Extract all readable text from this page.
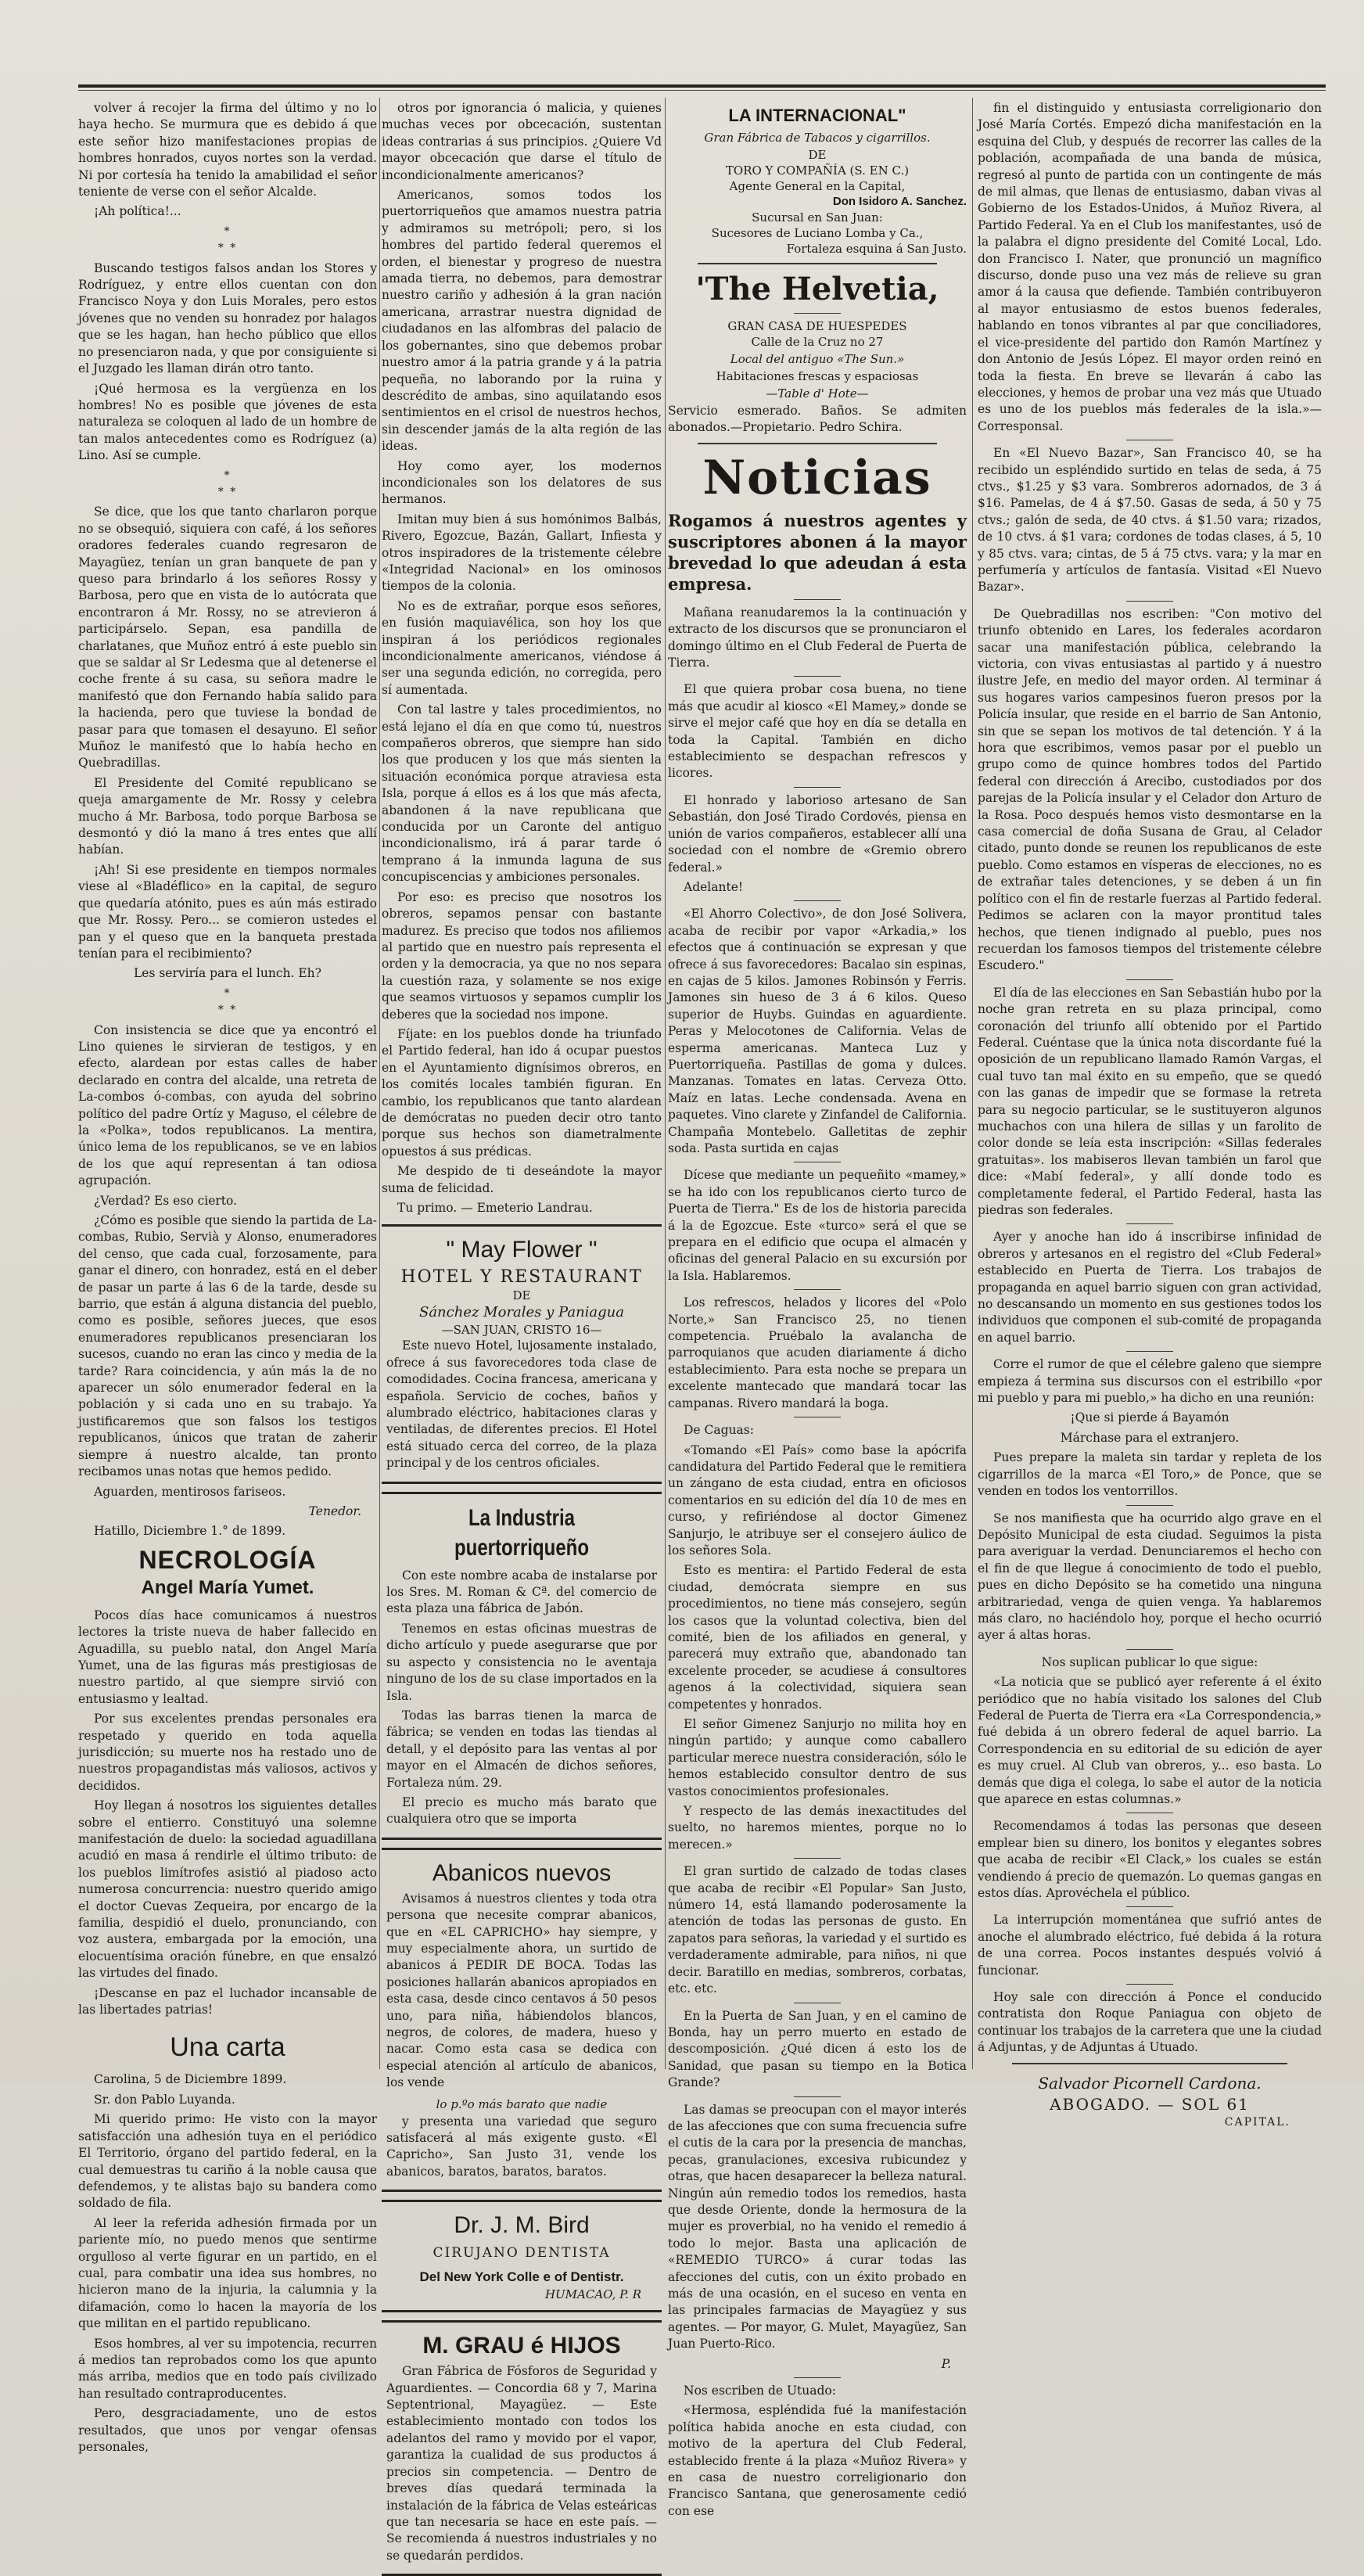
volver á recojer la firma del último y no lo haya hecho. Se murmura que es debido á que este señor hizo manifestaciones propias de hombres honrados, cuyos nortes son la verdad. Ni por cortesía ha tenido la amabilidad el señor teniente de verse con el señor Alcalde.

¡Ah política!...

*
* *

Buscando testigos falsos andan los Stores y Rodríguez, y entre ellos cuentan con don Francisco Noya y don Luis Morales, pero estos jóvenes que no venden su honradez por halagos que se les hagan, han hecho público que ellos no presenciaron nada, y que por consiguiente si el Juzgado les llaman dirán otro tanto.

¡Qué hermosa es la vergüenza en los hombres! No es posible que jóvenes de esta naturaleza se coloquen al lado de un hombre de tan malos antecedentes como es Rodríguez (a) Lino. Así se cumple.

*
* *

Se dice, que los que tanto charlaron porque no se obsequió, siquiera con café, á los señores oradores federales cuando regresaron de Mayagüez, tenían un gran banquete de pan y queso para brindarlo á los señores Rossy y Barbosa, pero que en vista de lo autócrata que encontraron á Mr. Rossy, no se atrevieron á participárselo. Sepan, esa pandilla de charlatanes, que Muñoz entró á este pueblo sin que se saldar al Sr Ledesma que al detenerse el coche frente á su casa, su señora madre le manifestó que don Fernando había salido para la hacienda, pero que tuviese la bondad de pasar para que tomasen el desayuno. El señor Muñoz le manifestó que lo había hecho en Quebradillas.

El Presidente del Comité republicano se queja amargamente de Mr. Rossy y celebra mucho á Mr. Barbosa, todo porque Barbosa se desmontó y dió la mano á tres entes que allí habían.

¡Ah! Si ese presidente en tiempos normales viese al «Bladéflico» en la capital, de seguro que quedaría atónito, pues es aún más estirado que Mr. Rossy. Pero... se comieron ustedes el pan y el queso que en la banqueta prestada tenían para el recibimiento?

Les serviría para el lunch. Eh?

*
* *

Con insistencia se dice que ya encontró el Lino quienes le sirvieran de testigos, y en efecto, alardean por estas calles de haber declarado en contra del alcalde, una retreta de La-combos ó-combas, con ayuda del sobrino político del padre Ortíz y Maguso, el célebre de la «Polka», todos republicanos. La mentira, único lema de los republicanos, se ve en labios de los que aquí representan á tan odiosa agrupación.

¿Verdad? Es eso cierto.

¿Cómo es posible que siendo la partida de La-combas, Rubio, Servià y Alonso, enumeradores del censo, que cada cual, forzosamente, para ganar el dinero, con honradez, está en el deber de pasar un parte á las 6 de la tarde, desde su barrio, que están á alguna distancia del pueblo, como es posible, señores jueces, que esos enumeradores republicanos presenciaran los sucesos, cuando no eran las cinco y media de la tarde? Rara coincidencia, y aún más la de no aparecer un sólo enumerador federal en la población y si cada uno en su trabajo. Ya justificaremos que son falsos los testigos republicanos, únicos que tratan de zaherir siempre á nuestro alcalde, tan pronto recibamos unas notas que hemos pedido.

Aguarden, mentirosos fariseos.

Tenedor.

Hatillo, Diciembre 1.° de 1899.

NECROLOGÍA
Angel María Yumet.

Pocos días hace comunicamos á nuestros lectores la triste nueva de haber fallecido en Aguadilla, su pueblo natal, don Angel María Yumet, una de las figuras más prestigiosas de nuestro partido, al que siempre sirvió con entusiasmo y lealtad.

Por sus excelentes prendas personales era respetado y querido en toda aquella jurisdicción; su muerte nos ha restado uno de nuestros propagandistas más valiosos, activos y decididos.

Hoy llegan á nosotros los siguientes detalles sobre el entierro. Constituyó una solemne manifestación de duelo: la sociedad aguadillana acudió en masa á rendirle el último tributo: de los pueblos limítrofes asistió al piadoso acto numerosa concurrencia: nuestro querido amigo el doctor Cuevas Zequeira, por encargo de la familia, despidió el duelo, pronunciando, con voz austera, embargada por la emoción, una elocuentísima oración fúnebre, en que ensalzó las virtudes del finado.

¡Descanse en paz el luchador incansable de las libertades patrias!

Una carta

Carolina, 5 de Diciembre 1899.

Sr. don Pablo Luyanda.

Mi querido primo: He visto con la mayor satisfacción una adhesión tuya en el periódico El Territorio, órgano del partido federal, en la cual demuestras tu cariño á la noble causa que defendemos, y te alistas bajo su bandera como soldado de fila.

Al leer la referida adhesión firmada por un pariente mío, no puedo menos que sentirme orgulloso al verte figurar en un partido, en el cual, para combatir una idea sus hombres, no hicieron mano de la injuria, la calumnia y la difamación, como lo hacen la mayoría de los que militan en el partido republicano.

Esos hombres, al ver su impotencia, recurren á medios tan reprobados como los que apunto más arriba, medios que en todo país civilizado han resultado contraproducentes.

Pero, desgraciadamente, uno de estos resultados, que unos por vengar ofensas personales,

otros por ignorancia ó malicia, y quienes muchas veces por obcecación, sustentan ideas contrarias á sus principios. ¿Quiere Vd mayor obcecación que darse el título de incondicionalmente americanos?

Americanos, somos todos los puertorriqueños que amamos nuestra patria y admiramos su metrópoli; pero, si los hombres del partido federal queremos el orden, el bienestar y progreso de nuestra amada tierra, no debemos, para demostrar nuestro cariño y adhesión á la gran nación americana, arrastrar nuestra dignidad de ciudadanos en las alfombras del palacio de los gobernantes, sino que debemos probar nuestro amor á la patria grande y á la patria pequeña, no laborando por la ruina y descrédito de ambas, sino aquilatando esos sentimientos en el crisol de nuestros hechos, sin descender jamás de la alta región de las ideas.

Hoy como ayer, los modernos incondicionales son los delatores de sus hermanos.

Imitan muy bien á sus homónimos Balbás, Rivero, Egozcue, Bazán, Gallart, Infiesta y otros inspiradores de la tristemente célebre «Integridad Nacional» en los ominosos tiempos de la colonia.

No es de extrañar, porque esos señores, en fusión maquiavélica, son hoy los que inspiran á los periódicos regionales incondicionalmente americanos, viéndose á ser una segunda edición, no corregida, pero sí aumentada.

Con tal lastre y tales procedimientos, no está lejano el día en que como tú, nuestros compañeros obreros, que siempre han sido los que producen y los que más sienten la situación económica porque atraviesa esta Isla, porque á ellos es á los que más afecta, abandonen á la nave republicana que conducida por un Caronte del antiguo incondicionalismo, irá á parar tarde ó temprano á la inmunda laguna de sus concupiscencias y ambiciones personales.

Por eso: es preciso que nosotros los obreros, sepamos pensar con bastante madurez. Es preciso que todos nos afiliemos al partido que en nuestro país representa el orden y la democracia, ya que no nos separa la cuestión raza, y solamente se nos exige que seamos virtuosos y sepamos cumplir los deberes que la sociedad nos impone.

Fíjate: en los pueblos donde ha triunfado el Partido federal, han ido á ocupar puestos en el Ayuntamiento dignísimos obreros, en los comités locales también figuran. En cambio, los republicanos que tanto alardean de demócratas no pueden decir otro tanto porque sus hechos son diametralmente opuestos á sus prédicas.

Me despido de ti deseándote la mayor suma de felicidad.

Tu primo. — Emeterio Landrau.

" May Flower "
HOTEL Y RESTAURANT
DE
Sánchez Morales y Paniagua
—SAN JUAN, CRISTO 16—

Este nuevo Hotel, lujosamente instalado, ofrece á sus favorecedores toda clase de comodidades. Cocina francesa, americana y española. Servicio de coches, baños y alumbrado eléctrico, habitaciones claras y ventiladas, de diferentes precios. El Hotel está situado cerca del correo, de la plaza principal y de los centros oficiales.

La Industria puertorriqueño

Con este nombre acaba de instalarse por los Sres. M. Roman & Cª. del comercio de esta plaza una fábrica de Jabón.

Tenemos en estas oficinas muestras de dicho artículo y puede asegurarse que por su aspecto y consistencia no le aventaja ninguno de los de su clase importados en la Isla.

Todas las barras tienen la marca de fábrica; se venden en todas las tiendas al detall, y el depósito para las ventas al por mayor en el Almacén de dichos señores, Fortaleza núm. 29.

El precio es mucho más barato que cualquiera otro que se importa

Abanicos nuevos

Avisamos á nuestros clientes y toda otra persona que necesite comprar abanicos, que en «EL CAPRICHO» hay siempre, y muy especialmente ahora, un surtido de abanicos á PEDIR DE BOCA. Todas las posiciones hallarán abanicos apropiados en esta casa, desde cinco centavos á 50 pesos uno, para niña, hábiendolos blancos, negros, de colores, de madera, hueso y nacar. Como esta casa se dedica con especial atención al artículo de abanicos, los vende

lo p.ºo más barato que nadie

y presenta una variedad que seguro satisfacerá al más exigente gusto. «El Capricho», San Justo 31, vende los abanicos, baratos, baratos, baratos.

Dr. J. M. Bird
CIRUJANO DENTISTA
Del New York Colle e of Dentistr.
HUMACAO, P. R
M. GRAU é HIJOS

Gran Fábrica de Fósforos de Seguridad y Aguardientes. — Concordia 68 y 7, Marina Septentrional, Mayagüez. — Este establecimiento montado con todos los adelantos del ramo y movido por el vapor, garantiza la cualidad de sus productos á precios sin competencia. — Dentro de breves días quedará terminada la instalación de la fábrica de Velas esteáricas que tan necesaria se hace en este país. — Se recomienda á nuestros industriales y no se quedarán perdidos.

LA INTERNACIONAL"
Gran Fábrica de Tabacos y cigarrillos.
DE
TORO Y COMPAÑÍA (S. EN C.)
Agente General en la Capital,
Don Isidoro A. Sanchez.
Sucursal en San Juan:
Sucesores de Luciano Lomba y Ca.,
Fortaleza esquina á San Justo.
'The Helvetia,
GRAN CASA DE HUESPEDES
Calle de la Cruz no 27
Local del antiguo «The Sun.»
Habitaciones frescas y espaciosas
—Table d' Hote—

Servicio esmerado. Baños. Se admiten abonados.—Propietario. Pedro Schira.

Noticias
Rogamos á nuestros agentes y suscriptores abonen á la mayor brevedad lo que adeudan á esta empresa.

Mañana reanudaremos la la continuación y extracto de los discursos que se pronunciaron el domingo último en el Club Federal de Puerta de Tierra.

El que quiera probar cosa buena, no tiene más que acudir al kiosco «El Mamey,» donde se sirve el mejor café que hoy en día se detalla en toda la Capital. También en dicho establecimiento se despachan refrescos y licores.

El honrado y laborioso artesano de San Sebastián, don José Tirado Cordovés, piensa en unión de varios compañeros, establecer allí una sociedad con el nombre de «Gremio obrero federal.»

Adelante!

«El Ahorro Colectivo», de don José Solivera, acaba de recibir por vapor «Arkadia,» los efectos que á continuación se expresan y que ofrece á sus favorecedores: Bacalao sin espinas, en cajas de 5 kilos. Jamones Robinsón y Ferris. Jamones sin hueso de 3 á 6 kilos. Queso superior de Huybs. Guindas en aguardiente. Peras y Melocotones de California. Velas de esperma americanas. Manteca Luz y Puertorriqueña. Pastillas de goma y dulces. Manzanas. Tomates en latas. Cerveza Otto. Maíz en latas. Leche condensada. Avena en paquetes. Vino clarete y Zinfandel de California. Champaña Montebelo. Galletitas de zephir soda. Pasta surtida en cajas

Dícese que mediante un pequeñito «mamey,» se ha ido con los republicanos cierto turco de Puerta de Tierra." Es de los de historia parecida á la de Egozcue. Este «turco» será el que se prepara en el edificio que ocupa el almacén y oficinas del general Palacio en su excursión por la Isla. Hablaremos.

Los refrescos, helados y licores del «Polo Norte,» San Francisco 25, no tienen competencia. Pruébalo la avalancha de parroquianos que acuden diariamente á dicho establecimiento. Para esta noche se prepara un excelente mantecado que mandará tocar las campanas. Rivero mandará la boga.

De Caguas:

«Tomando «El País» como base la apócrifa candidatura del Partido Federal que le remitiera un zángano de esta ciudad, entra en oficiosos comentarios en su edición del día 10 de mes en curso, y refiriéndose al doctor Gimenez Sanjurjo, le atribuye ser el consejero áulico de los señores Sola.

Esto es mentira: el Partido Federal de esta ciudad, demócrata siempre en sus procedimientos, no tiene más consejero, según los casos que la voluntad colectiva, bien del comité, bien de los afiliados en general, y parecerá muy extraño que, abandonado tan excelente proceder, se acudiese á consultores agenos á la colectividad, siquiera sean competentes y honrados.

El señor Gimenez Sanjurjo no milita hoy en ningún partido; y aunque como caballero particular merece nuestra consideración, sólo le hemos establecido consultor dentro de sus vastos conocimientos profesionales.

Y respecto de las demás inexactitudes del suelto, no haremos mientes, porque no lo merecen.»

El gran surtido de calzado de todas clases que acaba de recibir «El Popular» San Justo, número 14, está llamando poderosamente la atención de todas las personas de gusto. En zapatos para señoras, la variedad y el surtido es verdaderamente admirable, para niños, ni que decir. Baratillo en medias, sombreros, corbatas, etc. etc.

En la Puerta de San Juan, y en el camino de Bonda, hay un perro muerto en estado de descomposición. ¿Qué dicen á esto los de Sanidad, que pasan su tiempo en la Botica Grande?

Las damas se preocupan con el mayor interés de las afecciones que con suma frecuencia sufre el cutis de la cara por la presencia de manchas, pecas, granulaciones, excesiva rubicundez y otras, que hacen desaparecer la belleza natural. Ningún aún remedio todos los remedios, hasta que desde Oriente, donde la hermosura de la mujer es proverbial, no ha venido el remedio á todo lo mejor. Basta una aplicación de «REMEDIO TURCO» á curar todas las afecciones del cutis, con un éxito probado en más de una ocasión, en el suceso en venta en las principales farmacias de Mayagüez y sus agentes. — Por mayor, G. Mulet, Mayagüez, San Juan Puerto-Rico.

P.

Nos escriben de Utuado:

«Hermosa, espléndida fué la manifestación política habida anoche en esta ciudad, con motivo de la apertura del Club Federal, establecido frente á la plaza «Muñoz Rivera» y en casa de nuestro correligionario don Francisco Santana, que generosamente cedió con ese

fin el distinguido y entusiasta correligionario don José María Cortés. Empezó dicha manifestación en la esquina del Club, y después de recorrer las calles de la población, acompañada de una banda de música, regresó al punto de partida con un contingente de más de mil almas, que llenas de entusiasmo, daban vivas al Gobierno de los Estados-Unidos, á Muñoz Rivera, al Partido Federal. Ya en el Club los manifestantes, usó de la palabra el digno presidente del Comité Local, Ldo. don Francisco I. Nater, que pronunció un magnífico discurso, donde puso una vez más de relieve su gran amor á la causa que defiende. También contribuyeron al mayor entusiasmo de estos buenos federales, hablando en tonos vibrantes al par que conciliadores, el vice-presidente del partido don Ramón Martínez y don Antonio de Jesús López. El mayor orden reinó en toda la fiesta. En breve se llevarán á cabo las elecciones, y hemos de probar una vez más que Utuado es uno de los pueblos más federales de la isla.»—Corresponsal.

En «El Nuevo Bazar», San Francisco 40, se ha recibido un espléndido surtido en telas de seda, á 75 ctvs., $1.25 y $3 vara. Sombreros adornados, de 3 á $16. Pamelas, de 4 á $7.50. Gasas de seda, á 50 y 75 ctvs.; galón de seda, de 40 ctvs. á $1.50 vara; rizados, de 10 ctvs. á $1 vara; cordones de todas clases, á 5, 10 y 85 ctvs. vara; cintas, de 5 á 75 ctvs. vara; y la mar en perfumería y artículos de fantasía. Visitad «El Nuevo Bazar».

De Quebradillas nos escriben: "Con motivo del triunfo obtenido en Lares, los federales acordaron sacar una manifestación pública, celebrando la victoria, con vivas entusiastas al partido y á nuestro ilustre Jefe, en medio del mayor orden. Al terminar á sus hogares varios campesinos fueron presos por la Policía insular, que reside en el barrio de San Antonio, sin que se sepan los motivos de tal detención. Y á la hora que escribimos, vemos pasar por el pueblo un grupo como de quince hombres todos del Partido federal con dirección á Arecibo, custodiados por dos parejas de la Policía insular y el Celador don Arturo de la Rosa. Poco después hemos visto desmontarse en la casa comercial de doña Susana de Grau, al Celador citado, punto donde se reunen los republicanos de este pueblo. Como estamos en vísperas de elecciones, no es de extrañar tales detenciones, y se deben á un fin político con el fin de restarle fuerzas al Partido federal. Pedimos se aclaren con la mayor prontitud tales hechos, que tienen indignado al pueblo, pues nos recuerdan los famosos tiempos del tristemente célebre Escudero."

El día de las elecciones en San Sebastián hubo por la noche gran retreta en su plaza principal, como coronación del triunfo allí obtenido por el Partido Federal. Cuéntase que la única nota discordante fué la oposición de un republicano llamado Ramón Vargas, el cual tuvo tan mal éxito en su empeño, que se quedó con las ganas de impedir que se formase la retreta para su negocio particular, se le sustituyeron algunos muchachos con una hilera de sillas y un farolito de color donde se leía esta inscripción: «Sillas federales gratuitas». los mabiseros llevan también un farol que dice: «Mabí federal», y allí donde todo es completamente federal, el Partido Federal, hasta las piedras son federales.

Ayer y anoche han ido á inscribirse infinidad de obreros y artesanos en el registro del «Club Federal» establecido en Puerta de Tierra. Los trabajos de propaganda en aquel barrio siguen con gran actividad, no descansando un momento en sus gestiones todos los individuos que componen el sub-comité de propaganda en aquel barrio.

Corre el rumor de que el célebre galeno que siempre empieza á termina sus discursos con el estribillo «por mi pueblo y para mi pueblo,» ha dicho en una reunión:

¡Que si pierde á Bayamón

Márchase para el extranjero.

Pues prepare la maleta sin tardar y repleta de los cigarrillos de la marca «El Toro,» de Ponce, que se venden en todos los ventorrillos.

Se nos manifiesta que ha ocurrido algo grave en el Depósito Municipal de esta ciudad. Seguimos la pista para averiguar la verdad. Denunciaremos el hecho con el fin de que llegue á conocimiento de todo el pueblo, pues en dicho Depósito se ha cometido una ninguna arbitrariedad, venga de quien venga. Ya hablaremos más claro, no haciéndolo hoy, porque el hecho ocurrió ayer á altas horas.

Nos suplican publicar lo que sigue:

«La noticia que se publicó ayer referente á el éxito periódico que no había visitado los salones del Club Federal de Puerta de Tierra era «La Correspondencia,» fué debida á un obrero federal de aquel barrio. La Correspondencia en su editorial de su edición de ayer es muy cruel. Al Club van obreros, y... eso basta. Lo demás que diga el colega, lo sabe el autor de la noticia que aparece en estas columnas.»

Recomendamos á todas las personas que deseen emplear bien su dinero, los bonitos y elegantes sobres que acaba de recibir «El Clack,» los cuales se están vendiendo á precio de quemazón. Lo quemas gangas en estos días. Aprovéchela el público.

La interrupción momentánea que sufrió antes de anoche el alumbrado eléctrico, fué debida á la rotura de una correa. Pocos instantes después volvió á funcionar.

Hoy sale con dirección á Ponce el conducido contratista don Roque Paniagua con objeto de continuar los trabajos de la carretera que une la ciudad á Adjuntas, y de Adjuntas á Utuado.

Salvador Picornell Cardona.
ABOGADO. — SOL 61
CAPITAL.
